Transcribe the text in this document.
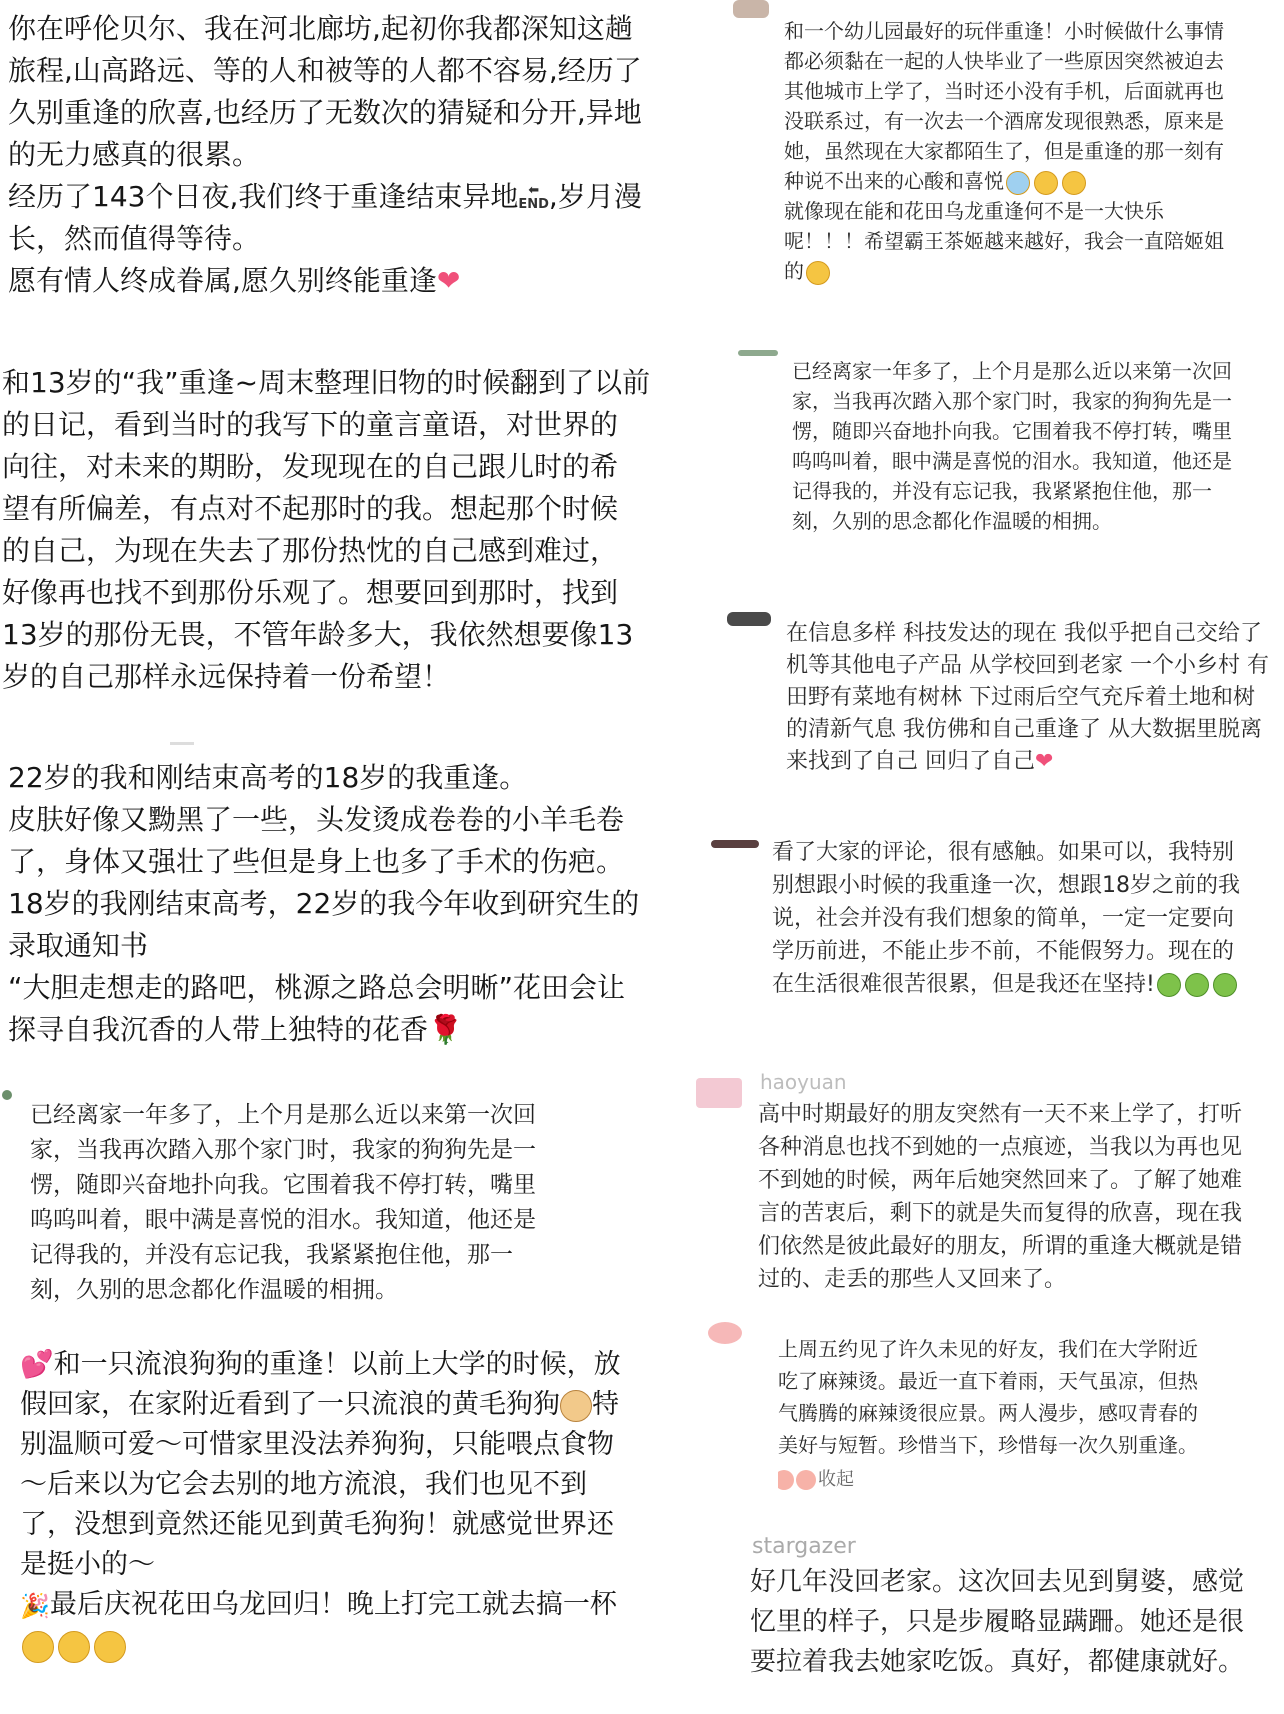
你在呼伦贝尔、我在河北廊坊,起初你我都深知这趟

旅程,山高路远、等的人和被等的人都不容易,经历了

久别重逢的欣喜,也经历了无数次的猜疑和分开,异地

的无力感真的很累。

经历了143个日夜,我们终于重逢结束异地 ⬅
END,岁月漫

长，然而值得等待。

愿有情人终成眷属,愿久别终能重逢❤

和13岁的“我”重逢~周末整理旧物的时候翻到了以前

的日记，看到当时的我写下的童言童语，对世界的

向往，对未来的期盼，发现现在的自己跟儿时的希

望有所偏差，有点对不起那时的我。想起那个时候

的自己，为现在失去了那份热忱的自己感到难过，

好像再也找不到那份乐观了。想要回到那时，找到

13岁的那份无畏，不管年龄多大，我依然想要像13

岁的自己那样永远保持着一份希望！

22岁的我和刚结束高考的18岁的我重逢。

皮肤好像又黝黑了一些，头发烫成卷卷的小羊毛卷

了，身体又强壮了些但是身上也多了手术的伤疤。

18岁的我刚结束高考，22岁的我今年收到研究生的

录取通知书

“大胆走想走的路吧，桃源之路总会明晰”花田会让

探寻自我沉香的人带上独特的花香🌹

已经离家一年多了，上个月是那么近以来第一次回

家，当我再次踏入那个家门时，我家的狗狗先是一

愣，随即兴奋地扑向我。它围着我不停打转，嘴里

呜呜叫着，眼中满是喜悦的泪水。我知道，他还是

记得我的，并没有忘记我，我紧紧抱住他，那一

刻，久别的思念都化作温暖的相拥。

💕和一只流浪狗狗的重逢！以前上大学的时候，放

假回家，在家附近看到了一只流浪的黄毛狗狗 特

别温顺可爱～可惜家里没法养狗狗，只能喂点食物

～后来以为它会去别的地方流浪，我们也见不到

了，没想到竟然还能见到黄毛狗狗！就感觉世界还

是挺小的～

🎉最后庆祝花田乌龙回归！晚上打完工就去搞一杯

和一个幼儿园最好的玩伴重逢！小时候做什么事情

都必须黏在一起的人快毕业了一些原因突然被迫去

其他城市上学了，当时还小没有手机，后面就再也

没联系过，有一次去一个酒席发现很熟悉，原来是

她，虽然现在大家都陌生了，但是重逢的那一刻有

种说不出来的心酸和喜悦

就像现在能和花田乌龙重逢何不是一大快乐

呢！！！希望霸王茶姬越来越好，我会一直陪姬姐

的

已经离家一年多了，上个月是那么近以来第一次回

家，当我再次踏入那个家门时，我家的狗狗先是一

愣，随即兴奋地扑向我。它围着我不停打转，嘴里

呜呜叫着，眼中满是喜悦的泪水。我知道，他还是

记得我的，并没有忘记我，我紧紧抱住他，那一

刻，久别的思念都化作温暖的相拥。

在信息多样 科技发达的现在 我似乎把自己交给了

机等其他电子产品 从学校回到老家 一个小乡村 有

田野有菜地有树林 下过雨后空气充斥着土地和树

的清新气息 我仿佛和自己重逢了 从大数据里脱离

来找到了自己 回归了自己❤

看了大家的评论，很有感触。如果可以，我特别

别想跟小时候的我重逢一次，想跟18岁之前的我

说，社会并没有我们想象的简单，一定一定要向

学历前进，不能止步不前，不能假努力。现在的

在生活很难很苦很累，但是我还在坚持!

haoyuan

高中时期最好的朋友突然有一天不来上学了，打听

各种消息也找不到她的一点痕迹，当我以为再也见

不到她的时候，两年后她突然回来了。了解了她难

言的苦衷后，剩下的就是失而复得的欣喜，现在我

们依然是彼此最好的朋友，所谓的重逢大概就是错

过的、走丢的那些人又回来了。

上周五约见了许久未见的好友，我们在大学附近

吃了麻辣烫。最近一直下着雨，天气虽凉，但热

气腾腾的麻辣烫很应景。两人漫步，感叹青春的

美好与短暂。珍惜当下，珍惜每一次久别重逢。

收起

stargazer

好几年没回老家。这次回去见到舅婆，感觉

忆里的样子，只是步履略显蹒跚。她还是很

要拉着我去她家吃饭。真好，都健康就好。
